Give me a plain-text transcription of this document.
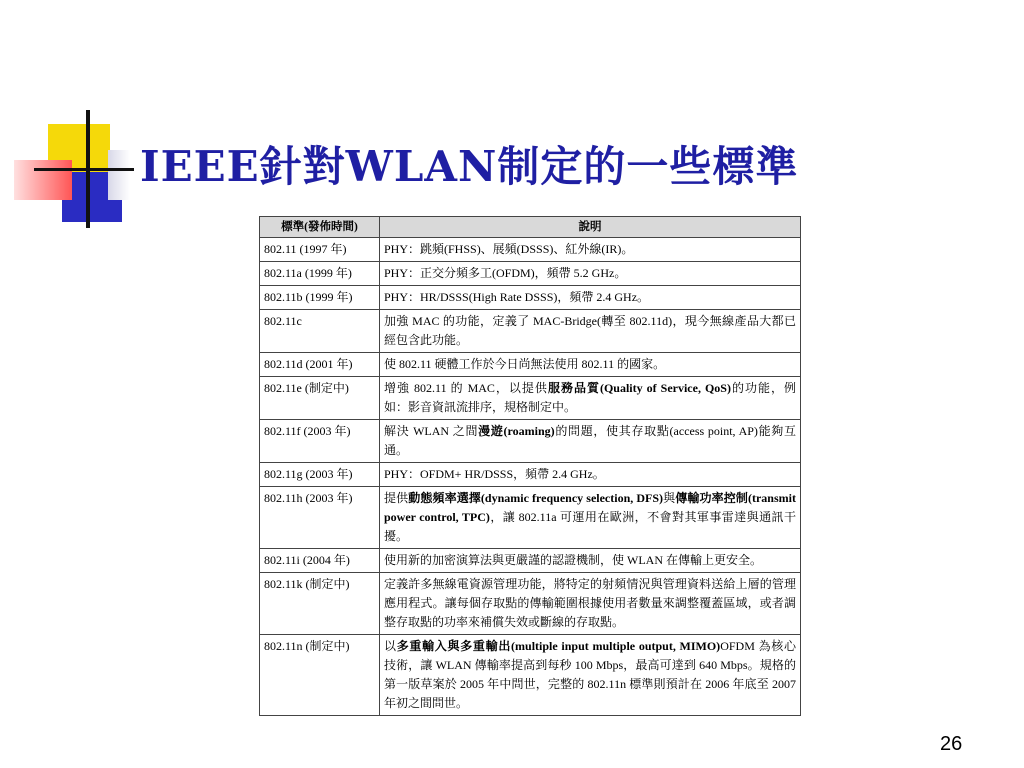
IEEE針對WLAN制定的一些標準
標準(發佈時間)	說明
802.11 (1997 年)	PHY：跳頻(FHSS)、展頻(DSSS)、紅外線(IR)。
802.11a (1999 年)	PHY：正交分頻多工(OFDM)，頻帶 5.2 GHz。
802.11b (1999 年)	PHY：HR/DSSS(High Rate DSSS)，頻帶 2.4 GHz。
802.11c	加強 MAC 的功能，定義了 MAC-Bridge(轉至 802.11d)，現今無線產品大都已經包含此功能。
802.11d (2001 年)	使 802.11 硬體工作於今日尚無法使用 802.11 的國家。
802.11e (制定中)	增強 802.11 的 MAC，以提供服務品質(Quality of Service, QoS)的功能，例如：影音資訊流排序，規格制定中。
802.11f (2003 年)	解決 WLAN 之間漫遊(roaming)的問題，使其存取點(access point, AP)能夠互通。
802.11g (2003 年)	PHY：OFDM+ HR/DSSS，頻帶 2.4 GHz。
802.11h (2003 年)	提供動態頻率選擇(dynamic frequency selection, DFS)與傳輸功率控制(transmit power control, TPC)，讓 802.11a 可運用在歐洲，不會對其軍事雷達與通訊干擾。
802.11i (2004 年)	使用新的加密演算法與更嚴謹的認證機制，使 WLAN 在傳輸上更安全。
802.11k (制定中)	定義許多無線電資源管理功能，將特定的射頻情況與管理資料送給上層的管理應用程式。讓每個存取點的傳輸範圍根據使用者數量來調整覆蓋區域，或者調整存取點的功率來補償失效或斷線的存取點。
802.11n (制定中)	以多重輸入與多重輸出(multiple input multiple output, MIMO)OFDM 為核心技術，讓 WLAN 傳輸率提高到每秒 100 Mbps，最高可達到 640 Mbps。規格的第一版草案於 2005 年中問世，完整的 802.11n 標準則預計在 2006 年底至 2007 年初之間問世。
26
